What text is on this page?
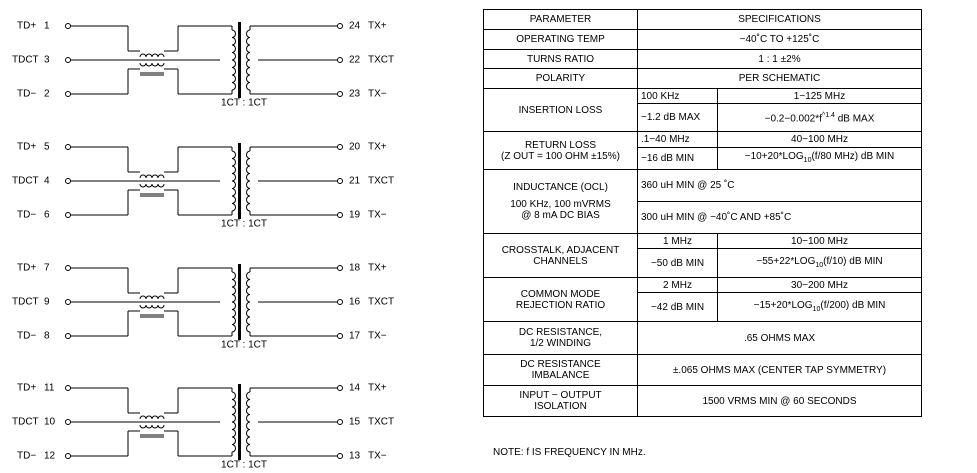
TD+ 1
TDCT 3
TD− 2
24 TX+
22 TXCT
23 TX−
1CT : 1CT
TD+ 5
TDCT 4
TD− 6
20 TX+
21 TXCT
19 TX−
1CT : 1CT
TD+ 7
TDCT 9
TD− 8
18 TX+
16 TXCT
17 TX−
1CT : 1CT
TD+ 11
TDCT 10
TD− 12
14 TX+
15 TXCT
13 TX−
1CT : 1CT
PARAMETER	SPECIFICATIONS	
OPERATING TEMP	−40˚C TO +125˚C	
TURNS RATIO	1 : 1 ±2%	
POLARITY	PER SCHEMATIC	
INSERTION LOSS	100 KHz	1−125 MHz
	−1.2 dB MAX	$-0.2-0.002*f^{\^{}1.4}$ dB MAX

RETURN LOSS
(Z OUT = 100 OHM ±15%)	.1−40 MHz	40−100 MHz
	−16 dB MIN	$-10+20*LOG_{10}(f/80$ MHz) dB MIN

INDUCTANCE (OCL)
100 KHz, 100 mVRMS
@ 8 mA DC BIAS	360 uH MIN @ 25 ˚C	
	300 uH MIN @ −40˚C AND +85˚C	

CROSSTALK, ADJACENT
CHANNELS	1 MHz	10−100 MHz
	−50 dB MIN	$-55+22*LOG_{10}(f/10)$ dB MIN

COMMON MODE
REJECTION RATIO	2 MHz	30−200 MHz
	−42 dB MIN	$-15+20*LOG_{10}(f/200)$ dB MIN

DC RESISTANCE,
1/2 WINDING	.65 OHMS MAX	

DC RESISTANCE
IMBALANCE	±.065 OHMS MAX (CENTER TAP SYMMETRY)	

INPUT − OUTPUT
ISOLATION	1500 VRMS MIN @ 60 SECONDS	
NOTE: f IS FREQUENCY IN MHz.
